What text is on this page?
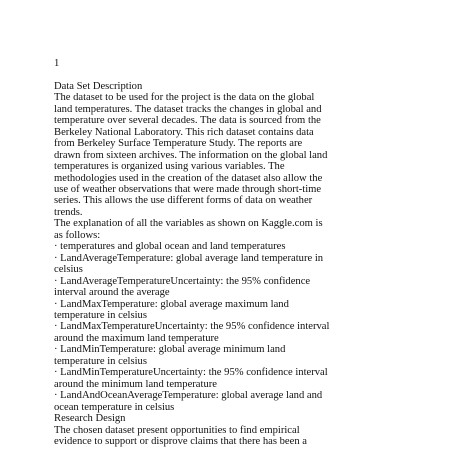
1
Data Set Description
The dataset to be used for the project is the data on the global
land temperatures. The dataset tracks the changes in global and
temperature over several decades. The data is sourced from the
Berkeley National Laboratory. This rich dataset contains data
from Berkeley Surface Temperature Study. The reports are
drawn from sixteen archives. The information on the global land
temperatures is organized using various variables. The
methodologies used in the creation of the dataset also allow the
use of weather observations that were made through short-time
series. This allows the use different forms of data on weather
trends.
The explanation of all the variables as shown on Kaggle.com is
as follows:
· temperatures and global ocean and land temperatures
· LandAverageTemperature: global average land temperature in
celsius
· LandAverageTemperatureUncertainty: the 95% confidence
interval around the average
· LandMaxTemperature: global average maximum land
temperature in celsius
· LandMaxTemperatureUncertainty: the 95% confidence interval
around the maximum land temperature
· LandMinTemperature: global average minimum land
temperature in celsius
· LandMinTemperatureUncertainty: the 95% confidence interval
around the minimum land temperature
· LandAndOceanAverageTemperature: global average land and
ocean temperature in celsius
Research Design
The chosen dataset present opportunities to find empirical
evidence to support or disprove claims that there has been a
